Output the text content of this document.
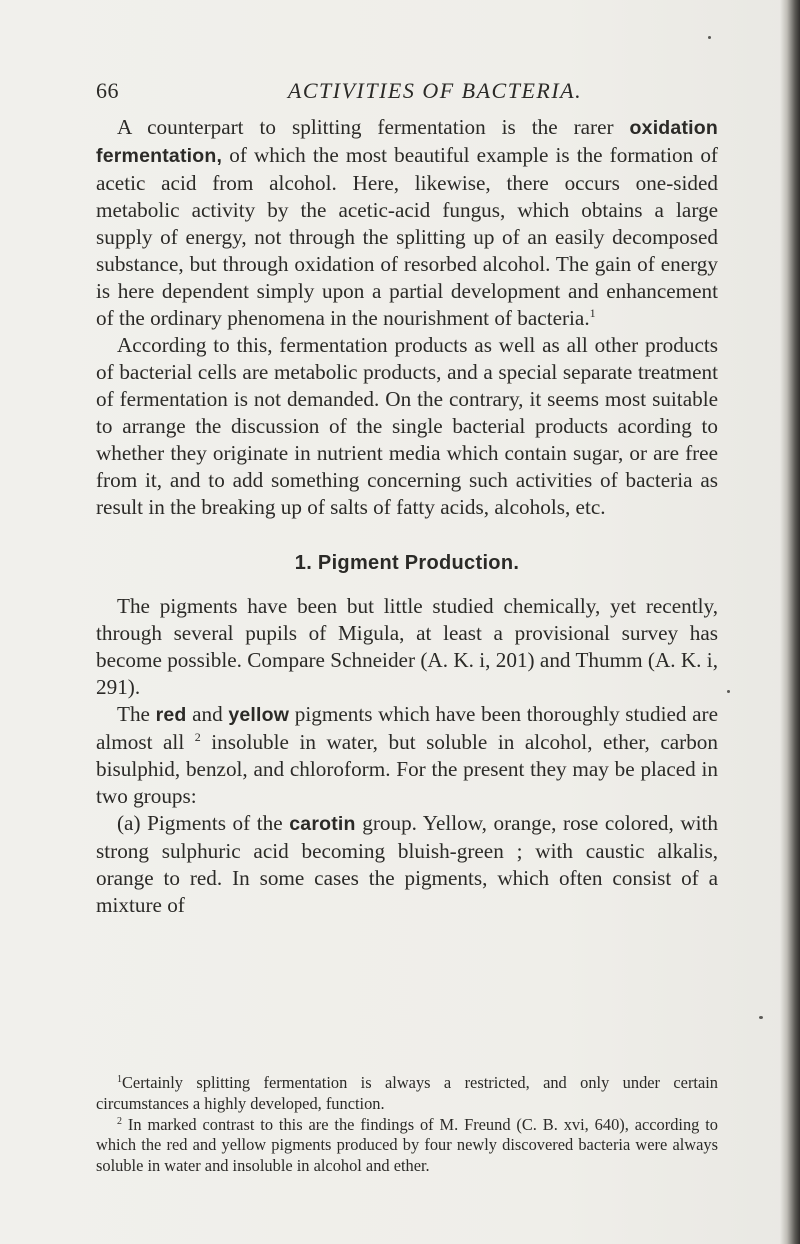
66	ACTIVITIES OF BACTERIA.

A counterpart to splitting fermentation is the rarer oxidation fermentation, of which the most beautiful example is the formation of acetic acid from alcohol. Here, likewise, there occurs one-sided metabolic activity by the acetic-acid fungus, which obtains a large supply of energy, not through the splitting up of an easily decomposed substance, but through oxidation of resorbed alcohol. The gain of energy is here dependent simply upon a partial development and enhancement of the ordinary phenomena in the nourishment of bacteria.$^1$

According to this, fermentation products as well as all other products of bacterial cells are metabolic products, and a special separate treatment of fermentation is not demanded. On the contrary, it seems most suitable to arrange the discussion of the single bacterial products acording to whether they originate in nutrient media which contain sugar, or are free from it, and to add something concerning such activities of bacteria as result in the breaking up of salts of fatty acids, alcohols, etc.

1. Pigment Production.

The pigments have been but little studied chemically, yet recently, through several pupils of Migula, at least a provisional survey has become possible. Compare Schneider (A. K. i, 201) and Thumm (A. K. i, 291).

The red and yellow pigments which have been thoroughly studied are almost all $^2$ insoluble in water, but soluble in alcohol, ether, carbon bisulphid, benzol, and chloroform. For the present they may be placed in two groups:

(a) Pigments of the carotin group. Yellow, orange, rose colored, with strong sulphuric acid becoming bluish-green ; with caustic alkalis, orange to red. In some cases the pigments, which often consist of a mixture of

$^1$Certainly splitting fermentation is always a restricted, and only under certain circumstances a highly developed, function.

$^2$ In marked contrast to this are the findings of M. Freund (C. B. xvi, 640), according to which the red and yellow pigments produced by four newly discovered bacteria were always soluble in water and insoluble in alcohol and ether.
